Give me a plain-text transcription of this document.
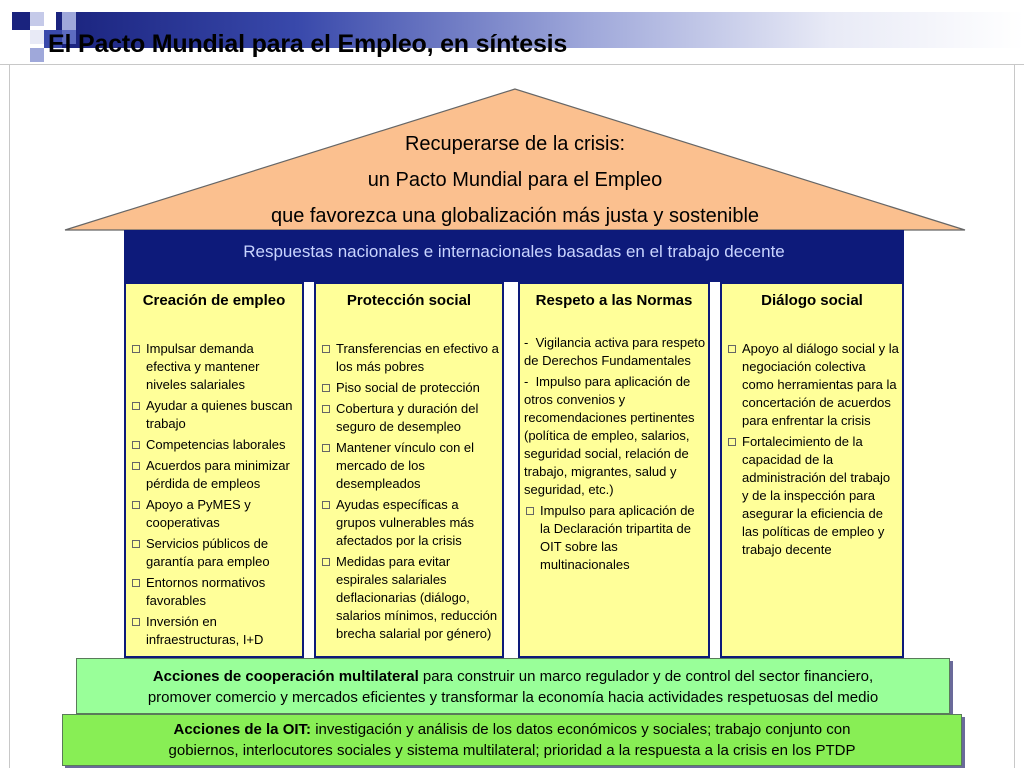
El Pacto Mundial para el Empleo, en síntesis
Recuperarse de la crisis:
un Pacto Mundial para el Empleo
que favorezca una globalización más justa y sostenible
Respuestas nacionales e internacionales basadas en el trabajo decente
Creación de empleo
Impulsar demanda efectiva y mantener niveles salariales
Ayudar a quienes buscan trabajo
Competencias laborales
Acuerdos para minimizar pérdida de empleos
Apoyo a PyMES y cooperativas
Servicios públicos de garantía para empleo
Entornos normativos favorables
Inversión en infraestructuras, I+D
Protección social
Transferencias en efectivo a los más pobres
Piso social de protección
Cobertura y duración del seguro de desempleo
Mantener vínculo con el mercado de los desempleados
Ayudas específicas a grupos vulnerables más afectados por la crisis
Medidas para evitar espirales salariales deflacionarias (diálogo, salarios mínimos, reducción brecha salarial por género)
Respeto a las Normas
-  Vigilancia activa para respeto de Derechos Fundamentales
-  Impulso para aplicación de otros convenios y recomendaciones pertinentes (política de empleo, salarios, seguridad social, relación de trabajo, migrantes, salud y seguridad, etc.)
Impulso para aplicación de la Declaración tripartita de OIT sobre las multinacionales
Diálogo social
Apoyo al diálogo social y la negociación colectiva como herramientas para la concertación de acuerdos para enfrentar la crisis
Fortalecimiento de la capacidad de la administración del trabajo y de la inspección para asegurar la eficiencia de las políticas de empleo y trabajo decente
Acciones de cooperación multilateral para construir un marco regulador y de control del sector financiero,
promover comercio y mercados eficientes y transformar la economía hacia actividades respetuosas del medio
Acciones de la OIT: investigación y análisis de los datos económicos y sociales; trabajo conjunto con
gobiernos, interlocutores sociales y sistema multilateral; prioridad a la respuesta a la crisis en los PTDP
